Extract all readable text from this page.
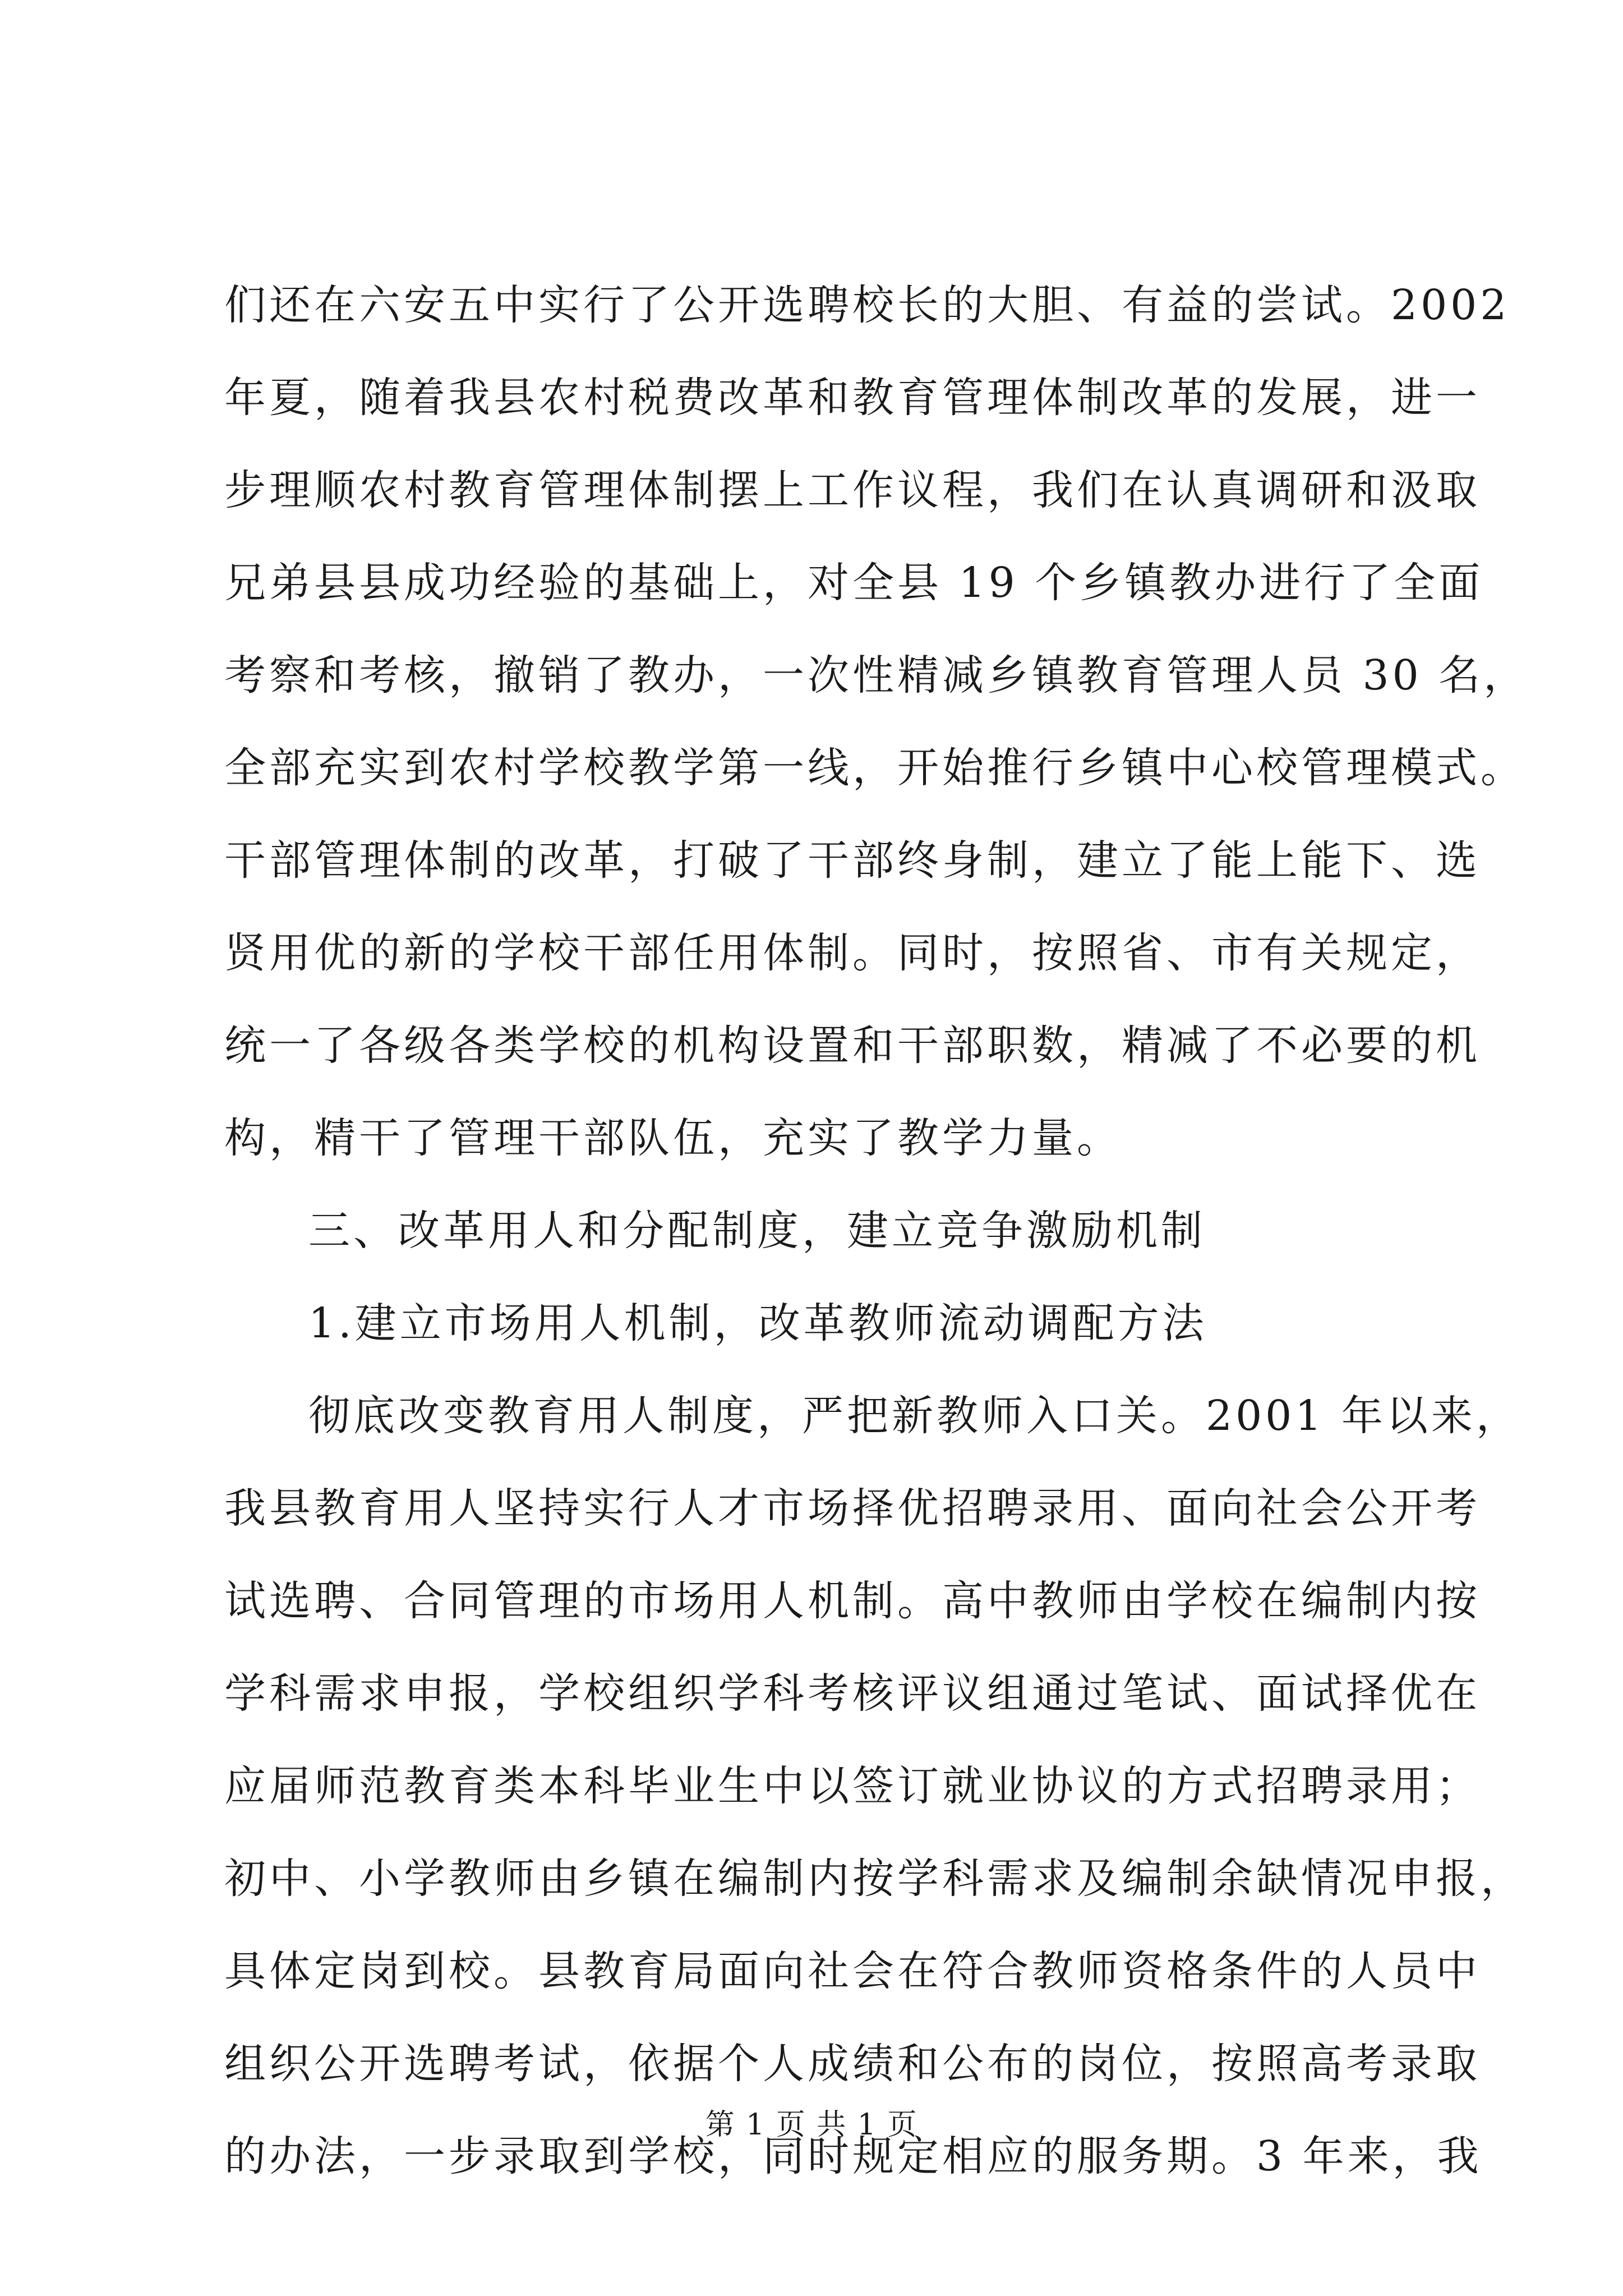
们还在六安五中实行了公开选聘校长的大胆、有益的尝试。2002
年夏，随着我县农村税费改革和教育管理体制改革的发展，进一
步理顺农村教育管理体制摆上工作议程，我们在认真调研和汲取
兄弟县县成功经验的基础上，对全县 19 个乡镇教办进行了全面
考察和考核，撤销了教办，一次性精减乡镇教育管理人员 30 名，
全部充实到农村学校教学第一线，开始推行乡镇中心校管理模式。
干部管理体制的改革，打破了干部终身制，建立了能上能下、选
贤用优的新的学校干部任用体制。同时，按照省、市有关规定，
统一了各级各类学校的机构设置和干部职数，精减了不必要的机
构，精干了管理干部队伍，充实了教学力量。
三、改革用人和分配制度，建立竞争激励机制
1.建立市场用人机制，改革教师流动调配方法
彻底改变教育用人制度，严把新教师入口关。2001 年以来，
我县教育用人坚持实行人才市场择优招聘录用、面向社会公开考
试选聘、合同管理的市场用人机制。高中教师由学校在编制内按
学科需求申报，学校组织学科考核评议组通过笔试、面试择优在
应届师范教育类本科毕业生中以签订就业协议的方式招聘录用；
初中、小学教师由乡镇在编制内按学科需求及编制余缺情况申报，
具体定岗到校。县教育局面向社会在符合教师资格条件的人员中
组织公开选聘考试，依据个人成绩和公布的岗位，按照高考录取
的办法，一步录取到学校，同时规定相应的服务期。3 年来，我
第 1 页 共 1 页
